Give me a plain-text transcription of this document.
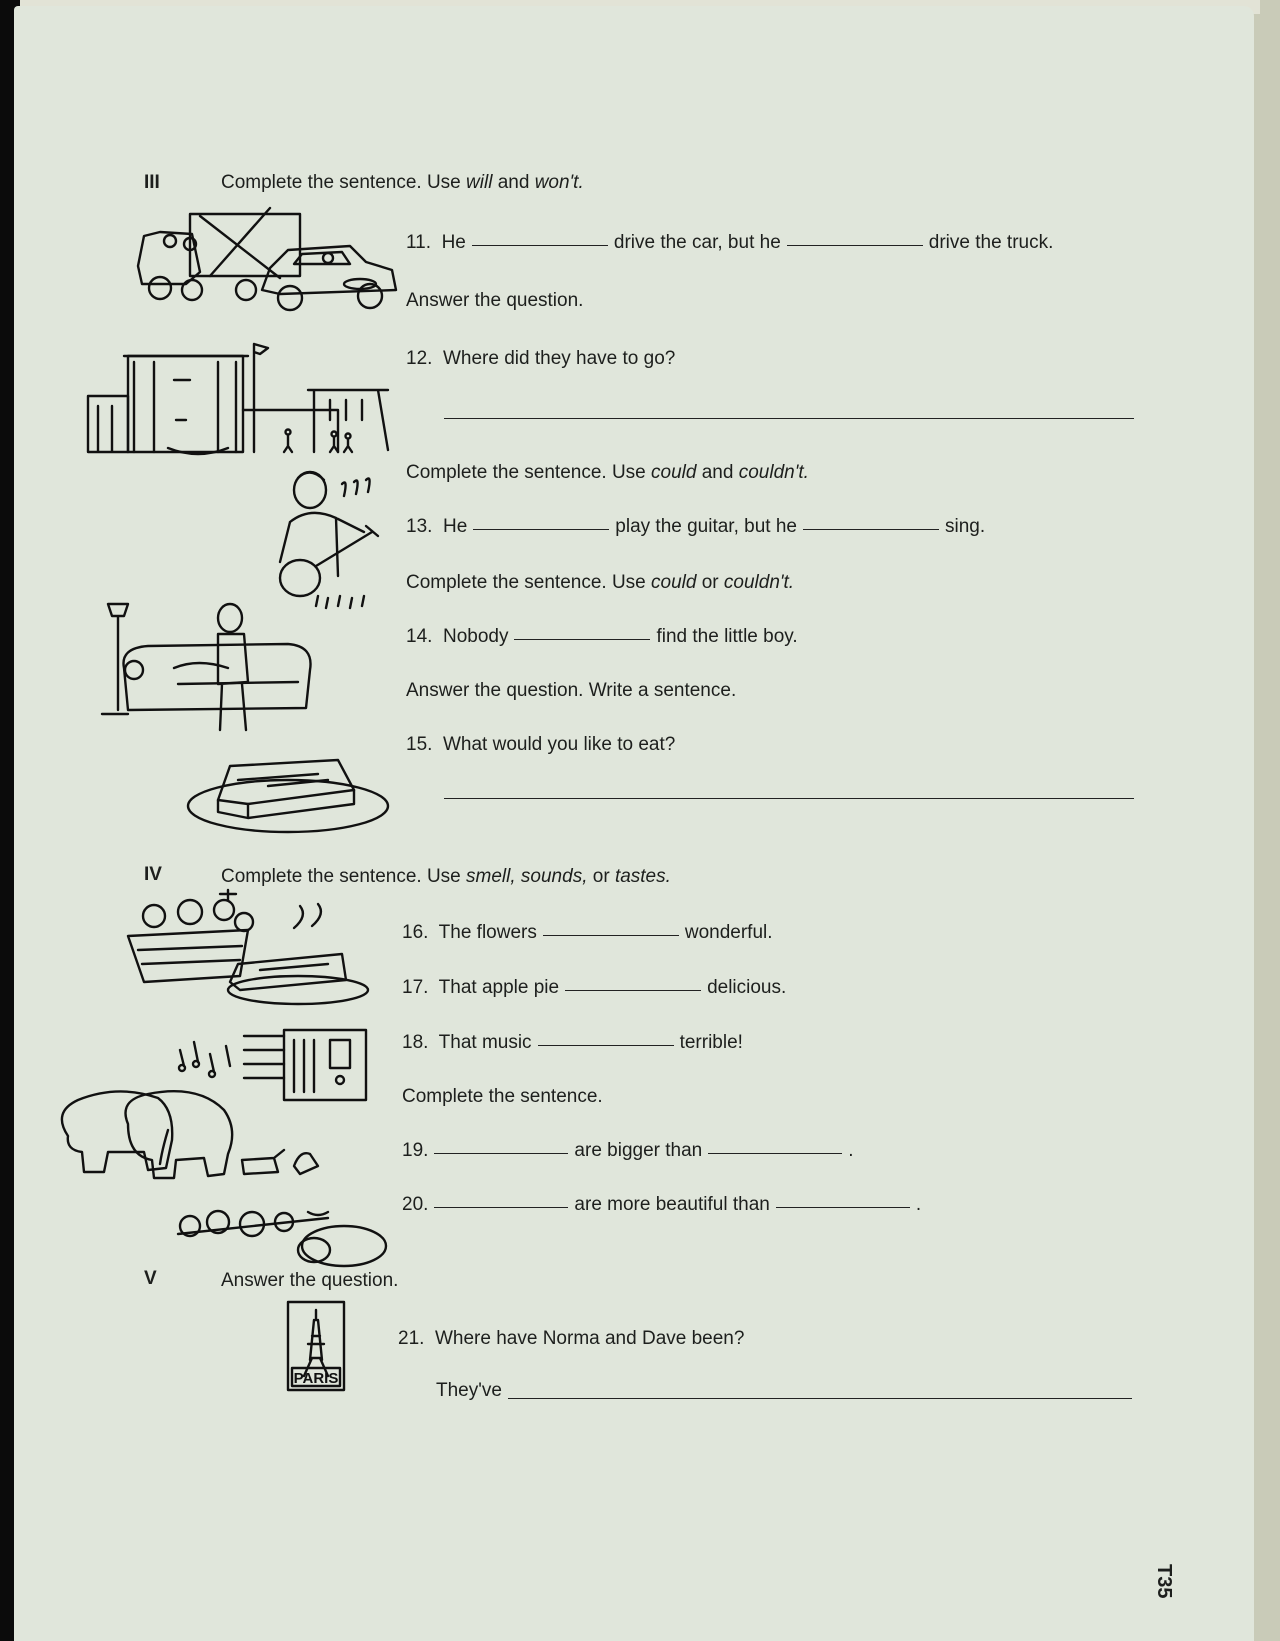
III	Complete the sentence. Use will and won't.
11. He	drive the car, but he	drive the truck.
Answer the question.
12. Where did they have to go?
Complete the sentence. Use could and couldn't.
13. He	play the guitar, but he	sing.
Complete the sentence. Use could or couldn't.
14. Nobody	find the little boy.
Answer the question. Write a sentence.
15. What would you like to eat?
IV	Complete the sentence. Use smell, sounds, or tastes.
16. The flowers	wonderful.
17. That apple pie	delicious.
18. That music	terrible!
Complete the sentence.
19.	are bigger than	.
20.	are more beautiful than	.
V	Answer the question.
PARIS
21. Where have Norma and Dave been?
They've
T35
